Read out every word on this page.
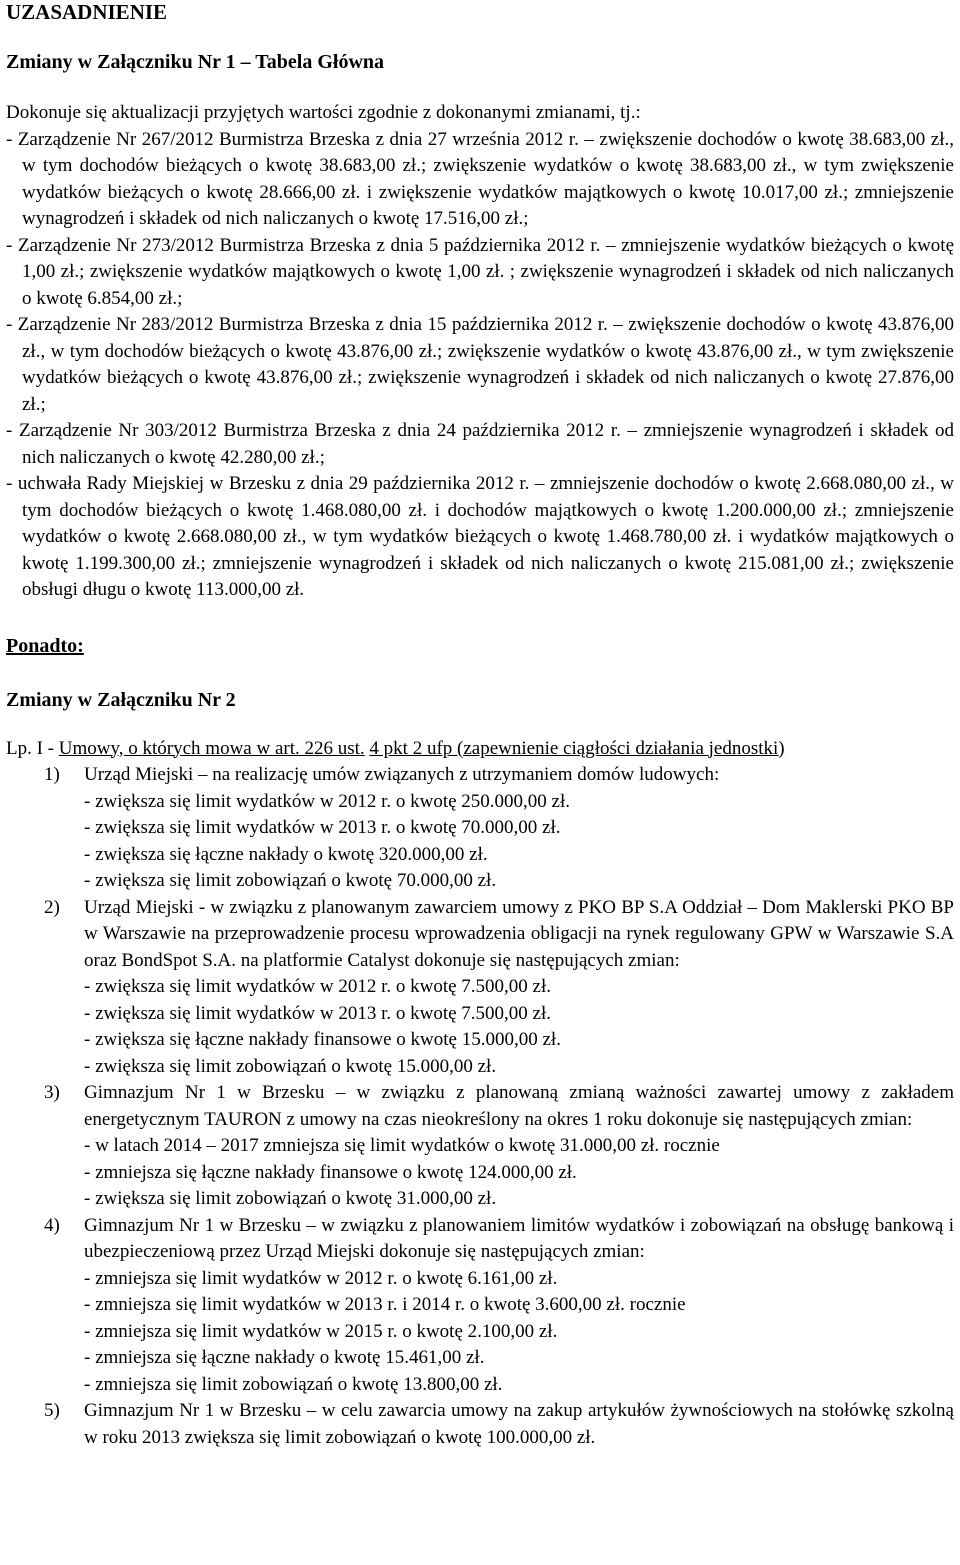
UZASADNIENIE
Zmiany w Załączniku Nr 1 – Tabela Główna
Dokonuje się aktualizacji przyjętych wartości zgodnie z dokonanymi zmianami, tj.:
- Zarządzenie Nr 267/2012 Burmistrza Brzeska z dnia 27 września 2012 r. – zwiększenie dochodów o kwotę 38.683,00 zł., w tym dochodów bieżących o kwotę 38.683,00 zł.; zwiększenie wydatków o kwotę 38.683,00 zł., w tym zwiększenie wydatków bieżących o kwotę 28.666,00 zł. i zwiększenie wydatków majątkowych o kwotę 10.017,00 zł.; zmniejszenie wynagrodzeń i składek od nich naliczanych o kwotę 17.516,00 zł.;
- Zarządzenie Nr 273/2012 Burmistrza Brzeska z dnia 5 października 2012 r. – zmniejszenie wydatków bieżących o kwotę 1,00 zł.; zwiększenie wydatków majątkowych o kwotę 1,00 zł. ; zwiększenie wynagrodzeń i składek od nich naliczanych o kwotę 6.854,00 zł.;
- Zarządzenie Nr 283/2012 Burmistrza Brzeska z dnia 15 października 2012 r. – zwiększenie dochodów o kwotę 43.876,00 zł., w tym dochodów bieżących o kwotę 43.876,00 zł.; zwiększenie wydatków o kwotę 43.876,00 zł., w tym zwiększenie wydatków bieżących o kwotę 43.876,00 zł.; zwiększenie wynagrodzeń i składek od nich naliczanych o kwotę 27.876,00 zł.;
- Zarządzenie Nr 303/2012 Burmistrza Brzeska z dnia 24 października 2012 r. – zmniejszenie wynagrodzeń i składek od nich naliczanych o kwotę 42.280,00 zł.;
- uchwała Rady Miejskiej w Brzesku z dnia 29 października 2012 r. – zmniejszenie dochodów o kwotę 2.668.080,00 zł., w tym dochodów bieżących o kwotę 1.468.080,00 zł. i dochodów majątkowych o kwotę 1.200.000,00 zł.; zmniejszenie wydatków o kwotę 2.668.080,00 zł., w tym wydatków bieżących o kwotę 1.468.780,00 zł. i wydatków majątkowych o kwotę 1.199.300,00 zł.; zmniejszenie wynagrodzeń i składek od nich naliczanych o kwotę 215.081,00 zł.; zwiększenie obsługi długu o kwotę 113.000,00 zł.
Ponadto:
Zmiany w Załączniku Nr 2
Lp. I - Umowy, o których mowa w art. 226 ust. 4 pkt 2 ufp (zapewnienie ciągłości działania jednostki)
1)	Urząd Miejski – na realizację umów związanych z utrzymaniem domów ludowych:
- zwiększa się limit wydatków w 2012 r. o kwotę 250.000,00 zł.
- zwiększa się limit wydatków w 2013 r. o kwotę 70.000,00 zł.
- zwiększa się łączne nakłady o kwotę 320.000,00 zł.
- zwiększa się limit zobowiązań o kwotę 70.000,00 zł.
2)	Urząd Miejski - w związku z planowanym zawarciem umowy z PKO BP S.A Oddział – Dom Maklerski PKO BP w Warszawie na przeprowadzenie procesu wprowadzenia obligacji na rynek regulowany GPW w Warszawie S.A oraz BondSpot S.A. na platformie Catalyst dokonuje się następujących zmian:
- zwiększa się limit wydatków w 2012 r. o kwotę 7.500,00 zł.
- zwiększa się limit wydatków w 2013 r. o kwotę 7.500,00 zł.
- zwiększa się łączne nakłady finansowe o kwotę 15.000,00 zł.
- zwiększa się limit zobowiązań o kwotę 15.000,00 zł.
3)	Gimnazjum Nr 1 w Brzesku – w związku z planowaną zmianą ważności zawartej umowy z zakładem energetycznym TAURON z umowy na czas nieokreślony na okres 1 roku dokonuje się następujących zmian:
- w latach 2014 – 2017 zmniejsza się limit wydatków o kwotę 31.000,00 zł. rocznie
- zmniejsza się łączne nakłady finansowe o kwotę 124.000,00 zł.
- zwiększa się limit zobowiązań o kwotę 31.000,00 zł.
4)	Gimnazjum Nr 1 w Brzesku – w związku z planowaniem limitów wydatków i zobowiązań na obsługę bankową i ubezpieczeniową przez Urząd Miejski dokonuje się następujących zmian:
- zmniejsza się limit wydatków w 2012 r. o kwotę 6.161,00 zł.
- zmniejsza się limit wydatków w 2013 r. i 2014 r. o kwotę 3.600,00 zł. rocznie
- zmniejsza się limit wydatków w 2015 r. o kwotę 2.100,00 zł.
- zmniejsza się łączne nakłady o kwotę 15.461,00 zł.
- zmniejsza się limit zobowiązań o kwotę 13.800,00 zł.
5)	Gimnazjum Nr 1 w Brzesku – w celu zawarcia umowy na zakup artykułów żywnościowych na stołówkę szkolną w roku 2013 zwiększa się limit zobowiązań o kwotę 100.000,00 zł.
